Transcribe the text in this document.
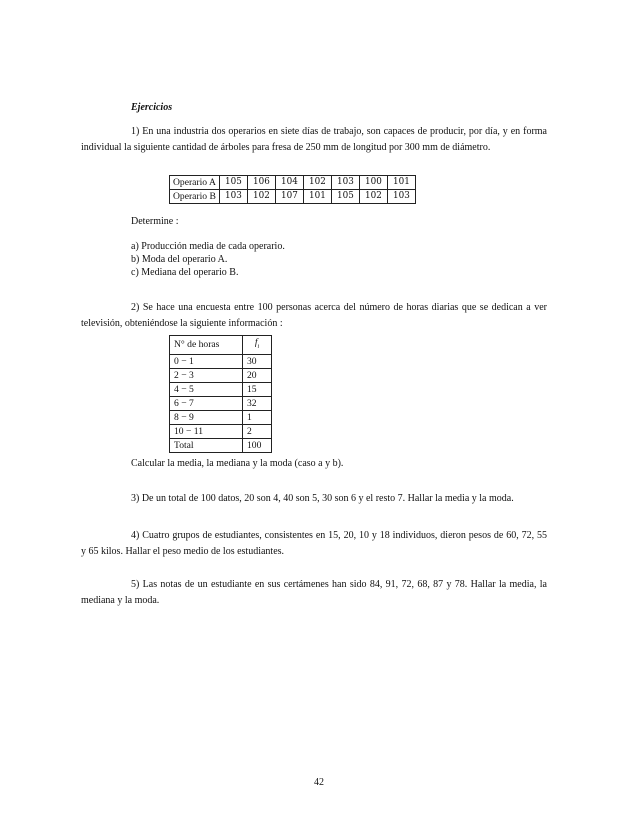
Ejercicios
1) En una industria dos operarios en siete días de trabajo, son capaces de producir, por día, y en forma individual la siguiente cantidad de árboles para fresa de 250 mm de longitud por 300 mm de diámetro.
Operario A	105	106	104	102	103	100	101
Operario B	103	102	107	101	105	102	103
Determine :
a) Producción media de cada operario.
b) Moda del operario A.
c) Mediana del operario B.
2) Se hace una encuesta entre 100 personas acerca del número de horas diarias que se dedican a ver televisión, obteniéndose la siguiente información :
N° de horas	$f_i$
0 − 1	30
2 − 3	20
4 − 5	15
6 − 7	32
8 − 9	1
10 − 11	2
Total	100
Calcular la media, la mediana y la moda (caso a y b).
3) De un total de 100 datos, 20 son 4, 40 son 5, 30 son 6 y el resto 7. Hallar la media y la moda.
4) Cuatro grupos de estudiantes, consistentes en 15, 20, 10 y 18 individuos, dieron pesos de 60, 72, 55 y 65 kilos. Hallar el peso medio de los estudiantes.
5) Las notas de un estudiante en sus certámenes han sido 84, 91, 72, 68, 87 y 78. Hallar la media, la mediana y la moda.
42
